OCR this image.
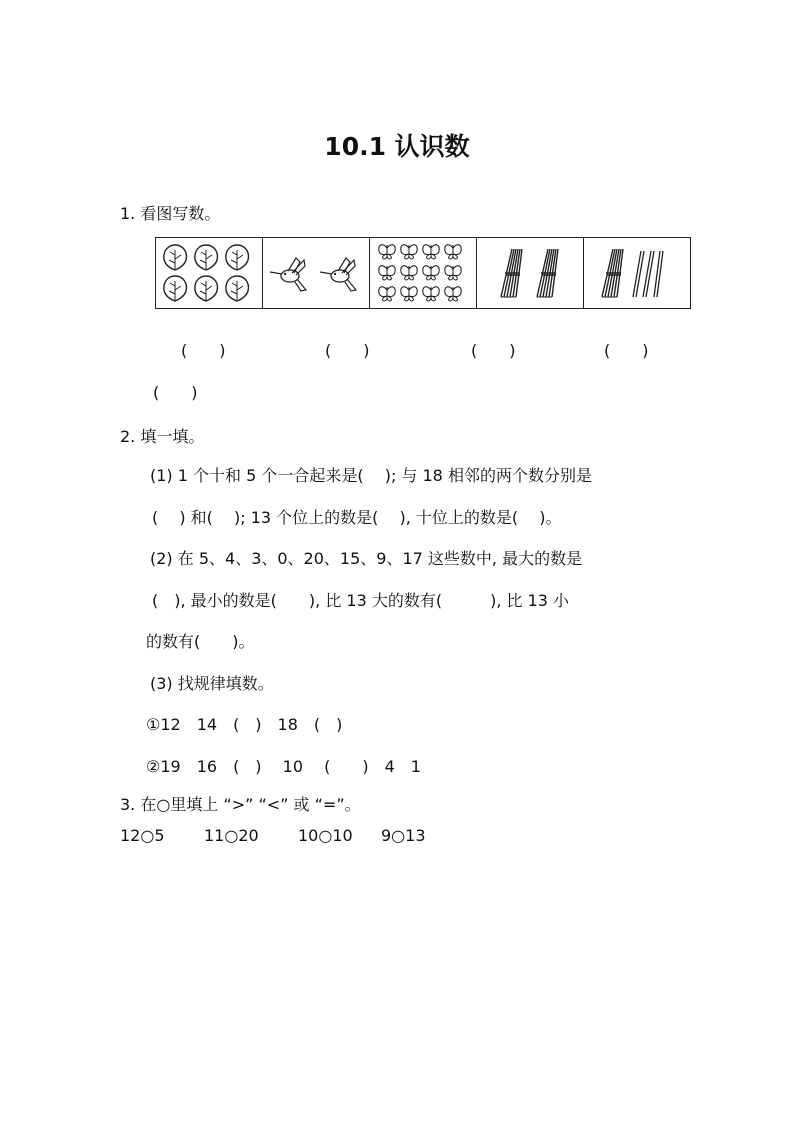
10.1 认识数
1. 看图写数。
(　　)	(　　)	(　　)	(　　)
(　　)
2. 填一填。
(1) 1 个十和 5 个一合起来是(　 ); 与 18 相邻的两个数分别是
(　 ) 和(　 ); 13 个位上的数是(　 ), 十位上的数是(　 )。
(2) 在 5、4、3、0、20、15、9、17 这些数中, 最大的数是
(　), 最小的数是(　　), 比 13 大的数有(　　　), 比 13 小
的数有(　　)。
(3) 找规律填数。
①12　14　(　)　18　(　)
②19　16　(　)　 10　 (　　)　4　1
3. 在○里填上 “>” “<” 或 “=”。
12○5 11○20 10○10 9○13
